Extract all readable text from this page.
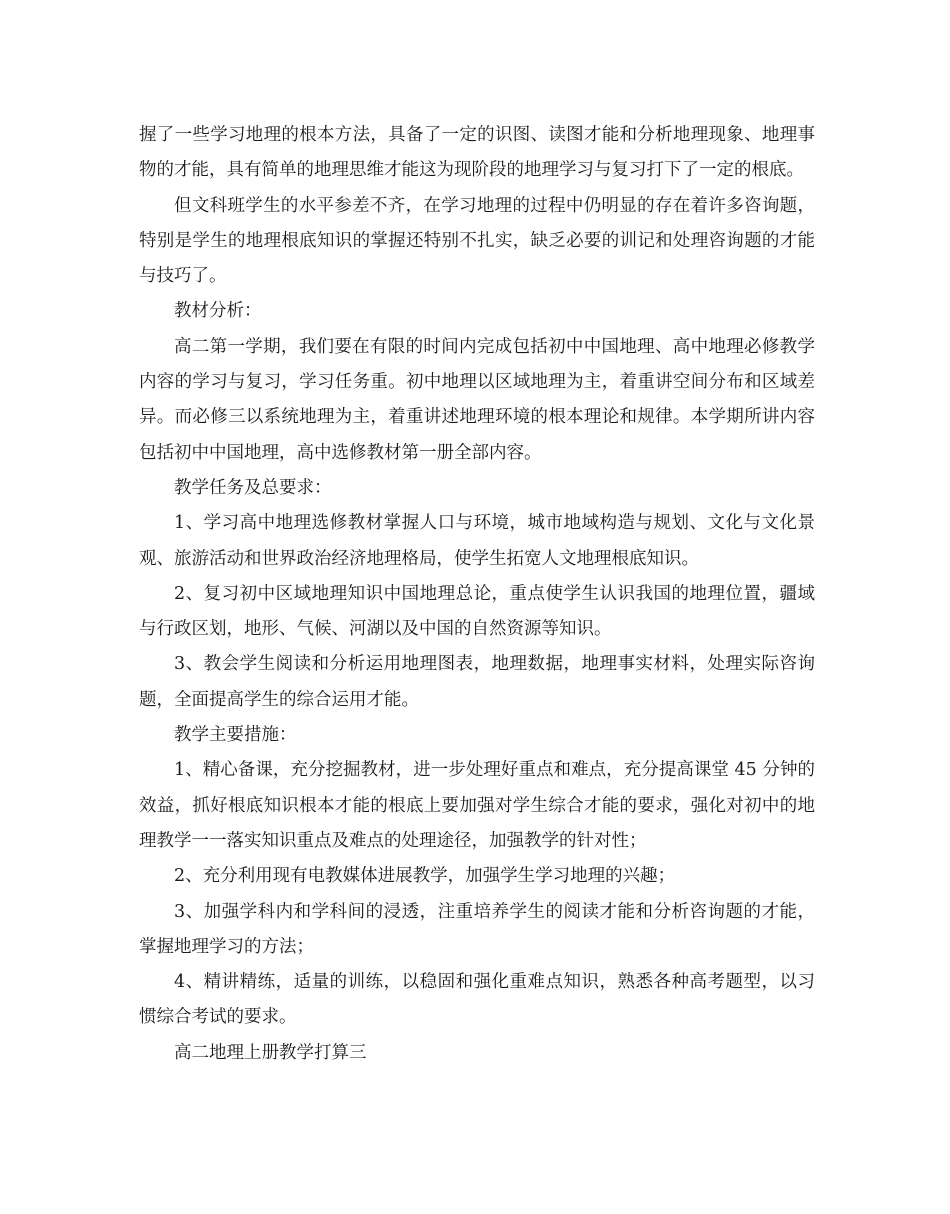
握了一些学习地理的根本方法，具备了一定的识图、读图才能和分析地理现象、地理事物的才能，具有简单的地理思维才能这为现阶段的地理学习与复习打下了一定的根底。

但文科班学生的水平参差不齐，在学习地理的过程中仍明显的存在着许多咨询题，特别是学生的地理根底知识的掌握还特别不扎实，缺乏必要的训记和处理咨询题的才能与技巧了。

教材分析：

高二第一学期，我们要在有限的时间内完成包括初中中国地理、高中地理必修教学内容的学习与复习，学习任务重。初中地理以区域地理为主，着重讲空间分布和区域差异。而必修三以系统地理为主，着重讲述地理环境的根本理论和规律。本学期所讲内容包括初中中国地理，高中选修教材第一册全部内容。

教学任务及总要求：

1、学习高中地理选修教材掌握人口与环境，城市地域构造与规划、文化与文化景观、旅游活动和世界政治经济地理格局，使学生拓宽人文地理根底知识。

2、复习初中区域地理知识中国地理总论，重点使学生认识我国的地理位置，疆域与行政区划，地形、气候、河湖以及中国的自然资源等知识。

3、教会学生阅读和分析运用地理图表，地理数据，地理事实材料，处理实际咨询题，全面提高学生的综合运用才能。

教学主要措施：

1、精心备课，充分挖掘教材，进一步处理好重点和难点，充分提高课堂 45 分钟的效益，抓好根底知识根本才能的根底上要加强对学生综合才能的要求，强化对初中的地理教学一一落实知识重点及难点的处理途径，加强教学的针对性；

2、充分利用现有电教媒体进展教学，加强学生学习地理的兴趣；

3、加强学科内和学科间的浸透，注重培养学生的阅读才能和分析咨询题的才能，掌握地理学习的方法；

4、精讲精练，适量的训练，以稳固和强化重难点知识，熟悉各种高考题型，以习惯综合考试的要求。

高二地理上册教学打算三
